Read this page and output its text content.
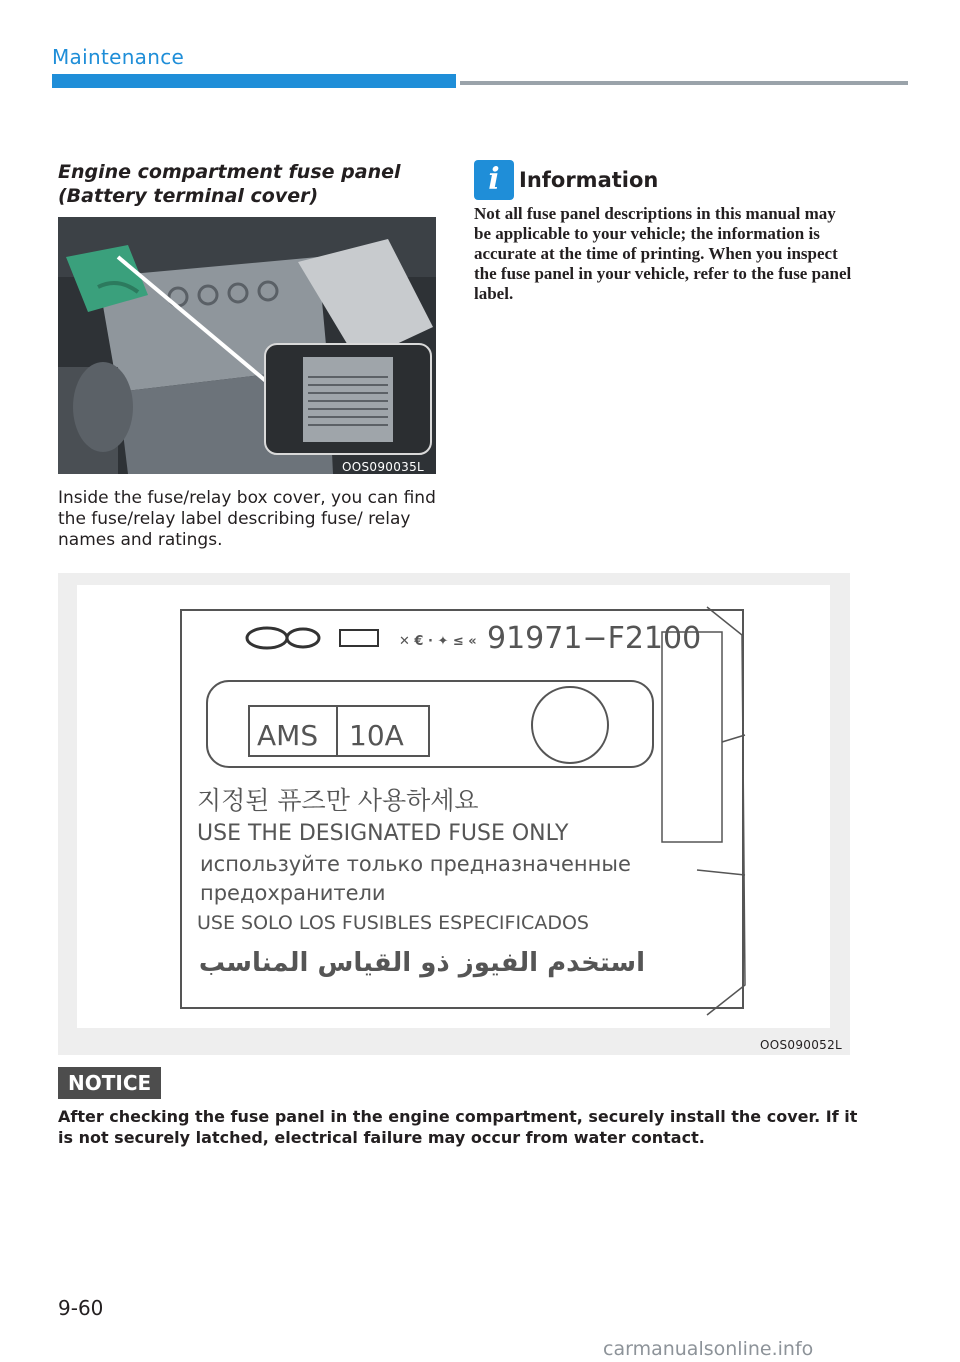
Maintenance
Engine compartment fuse panel
(Battery terminal cover)
OOS090035L
Inside the fuse/relay box cover, you can find the fuse/relay label describing fuse/ relay names and ratings.
i Information
Not all fuse panel descriptions in this manual may be applicable to your vehicle; the information is accurate at the time of printing. When you inspect the fuse panel in your vehicle, refer to the fuse panel label.
✕ € · ✦ ≤ « 91971−F2100
AMS 10A
지정된 퓨즈만 사용하세요
USE THE DESIGNATED FUSE ONLY
используйте только предназначенные
предохранители
USE SOLO LOS FUSIBLES ESPECIFICADOS
استخدم الفيوز ذو القياس المناسب
OOS090052L
NOTICE
After checking the fuse panel in the engine compartment, securely install the cover. If it is not securely latched, electrical failure may occur from water contact.
9-60
carmanualsonline.info
